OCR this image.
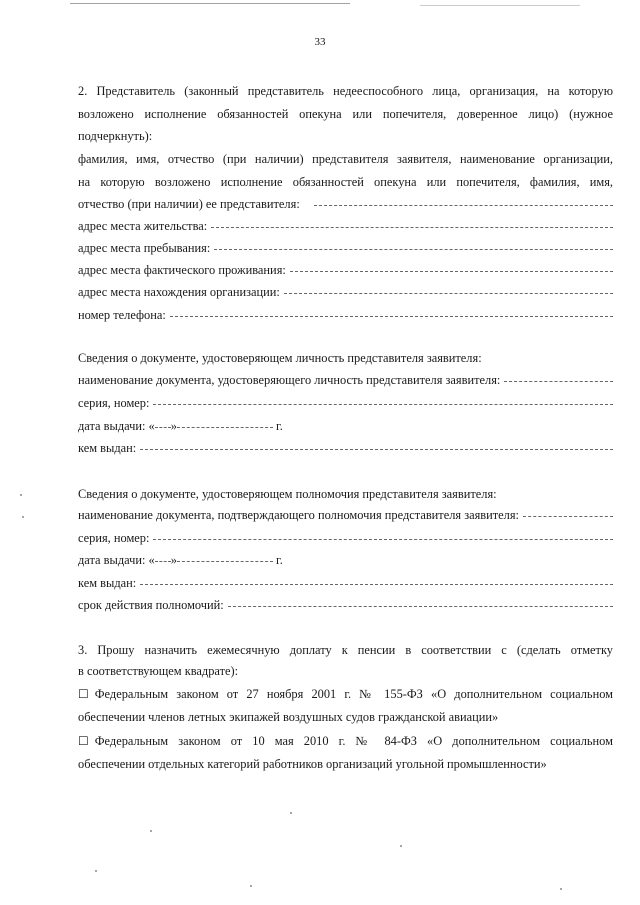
33
2. Представитель (законный представитель недееспособного лица, организация, на которую
возложено исполнение обязанностей опекуна или попечителя, доверенное лицо) (нужное
подчеркнуть):
фамилия, имя, отчество (при наличии) представителя заявителя, наименование организации,
на которую возложено исполнение обязанностей опекуна или попечителя, фамилия, имя,
отчество (при наличии) ее представителя:
адрес места жительства:
адрес места пребывания:
адрес места фактического проживания:
адрес места нахождения организации:
номер телефона:
Сведения о документе, удостоверяющем личность представителя заявителя:
наименование документа, удостоверяющего личность представителя заявителя:
серия, номер:
дата выдачи: « »	г.
кем выдан:
Сведения о документе, удостоверяющем полномочия представителя заявителя:
наименование документа, подтверждающего полномочия представителя заявителя:
серия, номер:
дата выдачи: « »	г.
кем выдан:
срок действия полномочий:
3. Прошу назначить ежемесячную доплату к пенсии в соответствии с (сделать отметку
в соответствующем квадрате):
☐ Федеральным законом от 27 ноября 2001 г. № 155-ФЗ «О дополнительном социальном
обеспечении членов летных экипажей воздушных судов гражданской авиации»
☐ Федеральным законом от 10 мая 2010 г. № 84-ФЗ «О дополнительном социальном
обеспечении отдельных категорий работников организаций угольной промышленности»
